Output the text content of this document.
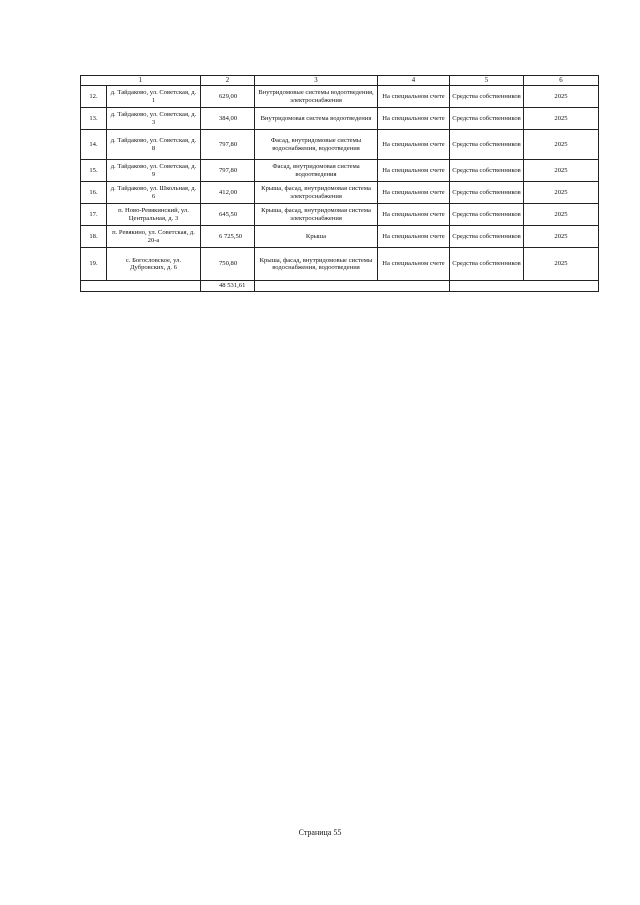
1		2	3	4	5	6
12.	д. Тайдаково, ул. Советская, д. 1	629,00	Внутридомовые системы водоотведения, электроснабжения	На специальном счете	Средства собственников	2025
13.	д. Тайдаково, ул. Советская, д. 3	384,00	Внутридомовая система водоотведения	На специальном счете	Средства собственников	2025
14.	д. Тайдаково, ул. Советская, д. 8	797,80	Фасад, внутридомовые системы водоснабжения, водоотведения	На специальном счете	Средства собственников	2025
15.	д. Тайдаково, ул. Советская, д. 9	797,80	Фасад, внутридомовая система водоотведения	На специальном счете	Средства собственников	2025
16.	д. Тайдаково, ул. Школьная, д. 6	412,00	Крыша, фасад, внутридомовая система электроснабжения	На специальном счете	Средства собственников	2025
17.	п. Ново-Ревякинский, ул. Центральная, д. 3	645,50	Крыша, фасад, внутридомовая система электроснабжения	На специальном счете	Средства собственников	2025
18.	п. Ревякино, ул. Советская, д. 20-а	6 725,50	Крыша	На специальном счете	Средства собственников	2025
19.	с. Богословское, ул. Дубровских, д. 6	750,80	Крыша, фасад, внутридомовые системы водоснабжения, водоотведения	На специальном счете	Средства собственников	2025
		48 531,61				
Страница 55
